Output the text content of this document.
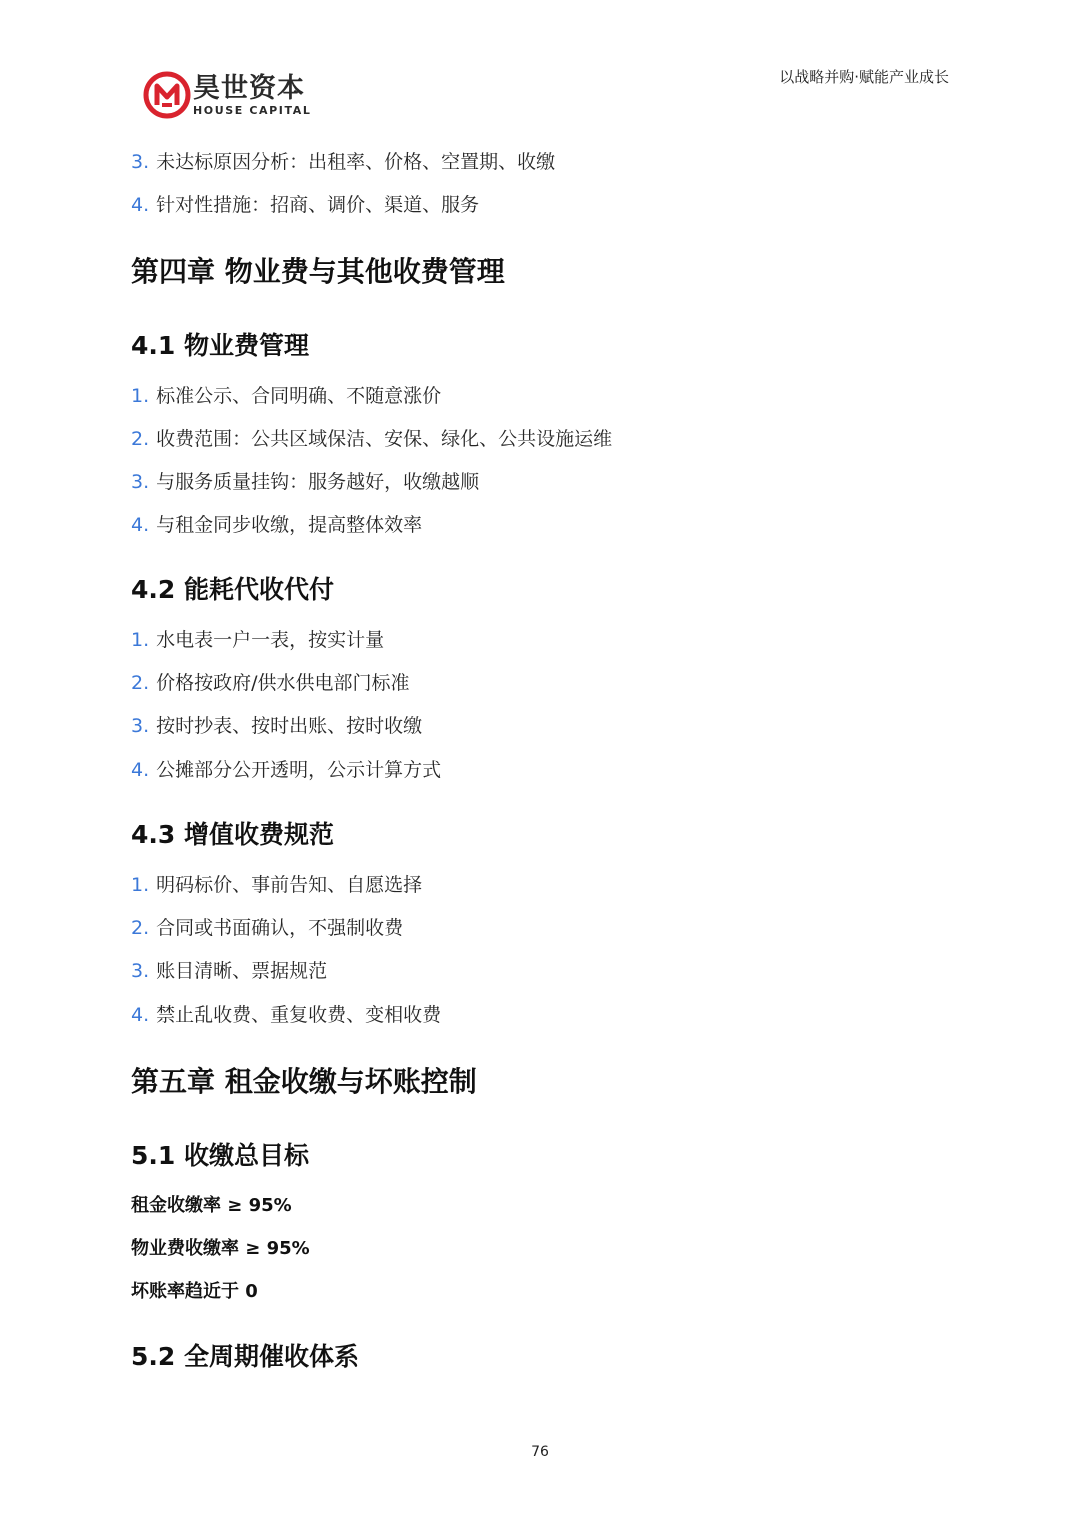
昊世资本
HOUSE CAPITAL
以战略并购·赋能产业成长
3. 未达标原因分析：出租率、价格、空置期、收缴
4. 针对性措施：招商、调价、渠道、服务
第四章 物业费与其他收费管理
4.1 物业费管理
1. 标准公示、合同明确、不随意涨价
2. 收费范围：公共区域保洁、安保、绿化、公共设施运维
3. 与服务质量挂钩：服务越好，收缴越顺
4. 与租金同步收缴，提高整体效率
4.2 能耗代收代付
1. 水电表一户一表，按实计量
2. 价格按政府/供水供电部门标准
3. 按时抄表、按时出账、按时收缴
4. 公摊部分公开透明，公示计算方式
4.3 增值收费规范
1. 明码标价、事前告知、自愿选择
2. 合同或书面确认，不强制收费
3. 账目清晰、票据规范
4. 禁止乱收费、重复收费、变相收费
第五章 租金收缴与坏账控制
5.1 收缴总目标
租金收缴率 ≥ 95%
物业费收缴率 ≥ 95%
坏账率趋近于 0
5.2 全周期催收体系
76
